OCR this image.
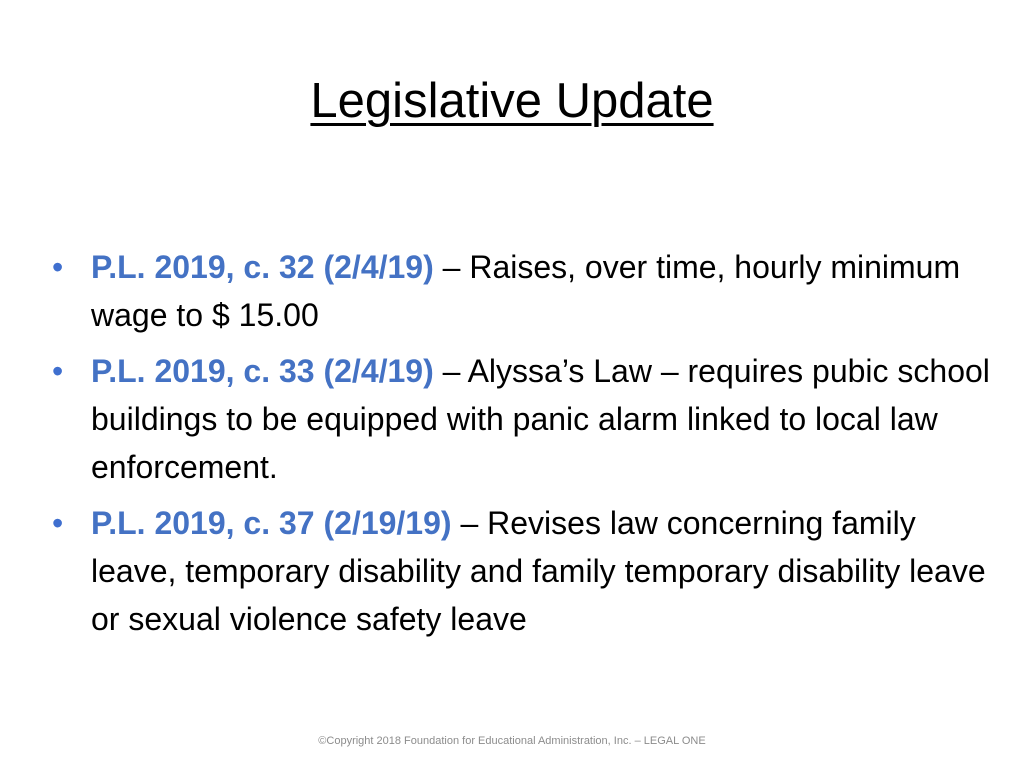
Legislative Update
• P.L. 2019, c. 32 (2/4/19) – Raises, over time, hourly minimum wage to $ 15.00
• P.L. 2019, c. 33 (2/4/19) – Alyssa’s Law – requires pubic school buildings to be equipped with panic alarm linked to local law enforcement.
• P.L. 2019, c. 37 (2/19/19) – Revises law concerning family leave, temporary disability and family temporary disability leave or sexual violence safety leave
©Copyright 2018 Foundation for Educational Administration, Inc. – LEGAL ONE
